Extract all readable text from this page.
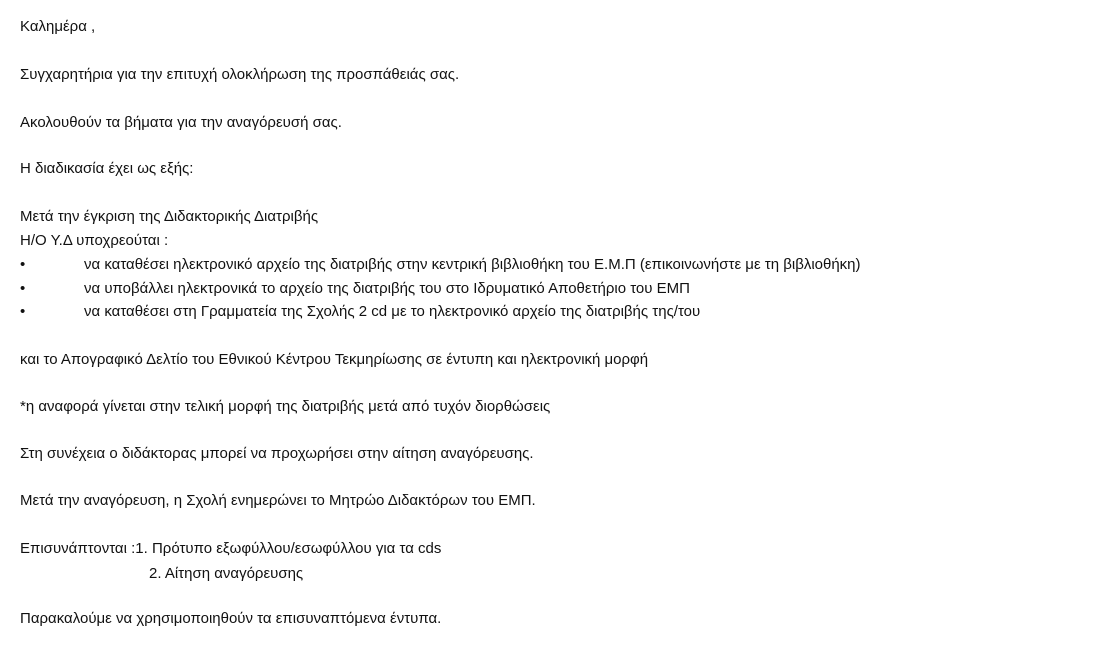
Καλημέρα ,
Συγχαρητήρια για την επιτυχή ολοκλήρωση της προσπάθειάς σας.
Ακολουθούν τα βήματα για την αναγόρευσή σας.
Η διαδικασία έχει ως εξής:
Μετά την έγκριση της Διδακτορικής Διατριβής
Η/Ο Υ.Δ υποχρεούται :
•	να καταθέσει ηλεκτρονικό αρχείο της διατριβής στην κεντρική βιβλιοθήκη του Ε.Μ.Π (επικοινωνήστε με τη βιβλιοθήκη)
•	να υποβάλλει ηλεκτρονικά το αρχείο της διατριβής του στο Ιδρυματικό Αποθετήριο του ΕΜΠ
•	να καταθέσει στη Γραμματεία της Σχολής 2 cd με το ηλεκτρονικό αρχείο της διατριβής της/του
και το Απογραφικό Δελτίο του Εθνικού Κέντρου Τεκμηρίωσης σε έντυπη και ηλεκτρονική μορφή
*η αναφορά γίνεται στην τελική μορφή της διατριβής μετά από τυχόν διορθώσεις
Στη συνέχεια ο διδάκτορας μπορεί να προχωρήσει στην αίτηση αναγόρευσης.
Μετά την αναγόρευση, η Σχολή ενημερώνει το Μητρώο Διδακτόρων του ΕΜΠ.
Επισυνάπτονται :1. Πρότυπο εξωφύλλου/εσωφύλλου για τα cds
2. Αίτηση αναγόρευσης
Παρακαλούμε να χρησιμοποιηθούν τα επισυναπτόμενα έντυπα.
